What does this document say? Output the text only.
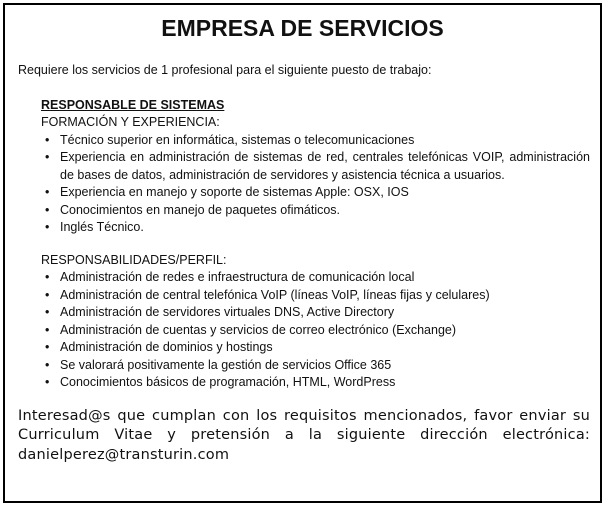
EMPRESA DE SERVICIOS

Requiere los servicios de 1 profesional para el siguiente puesto de trabajo:

RESPONSABLE DE SISTEMAS

FORMACIÓN Y EXPERIENCIA:

• Técnico superior en informática, sistemas o telecomunicaciones
• Experiencia en administración de sistemas de red, centrales telefónicas VOIP, administración de bases de datos, administración de servidores y asistencia técnica a usuarios.
• Experiencia en manejo y soporte de sistemas Apple: OSX, IOS
• Conocimientos en manejo de paquetes ofimáticos.
• Inglés Técnico.

RESPONSABILIDADES/PERFIL:

• Administración de redes e infraestructura de comunicación local
• Administración de central telefónica VoIP (líneas VoIP, líneas fijas y celulares)
• Administración de servidores virtuales DNS, Active Directory
• Administración de cuentas y servicios de correo electrónico (Exchange)
• Administración de dominios y hostings
• Se valorará positivamente la gestión de servicios Office 365
• Conocimientos básicos de programación, HTML, WordPress

Interesad@s que cumplan con los requisitos mencionados, favor enviar su Curriculum Vitae y pretensión a la siguiente dirección electrónica: danielperez@transturin.com
